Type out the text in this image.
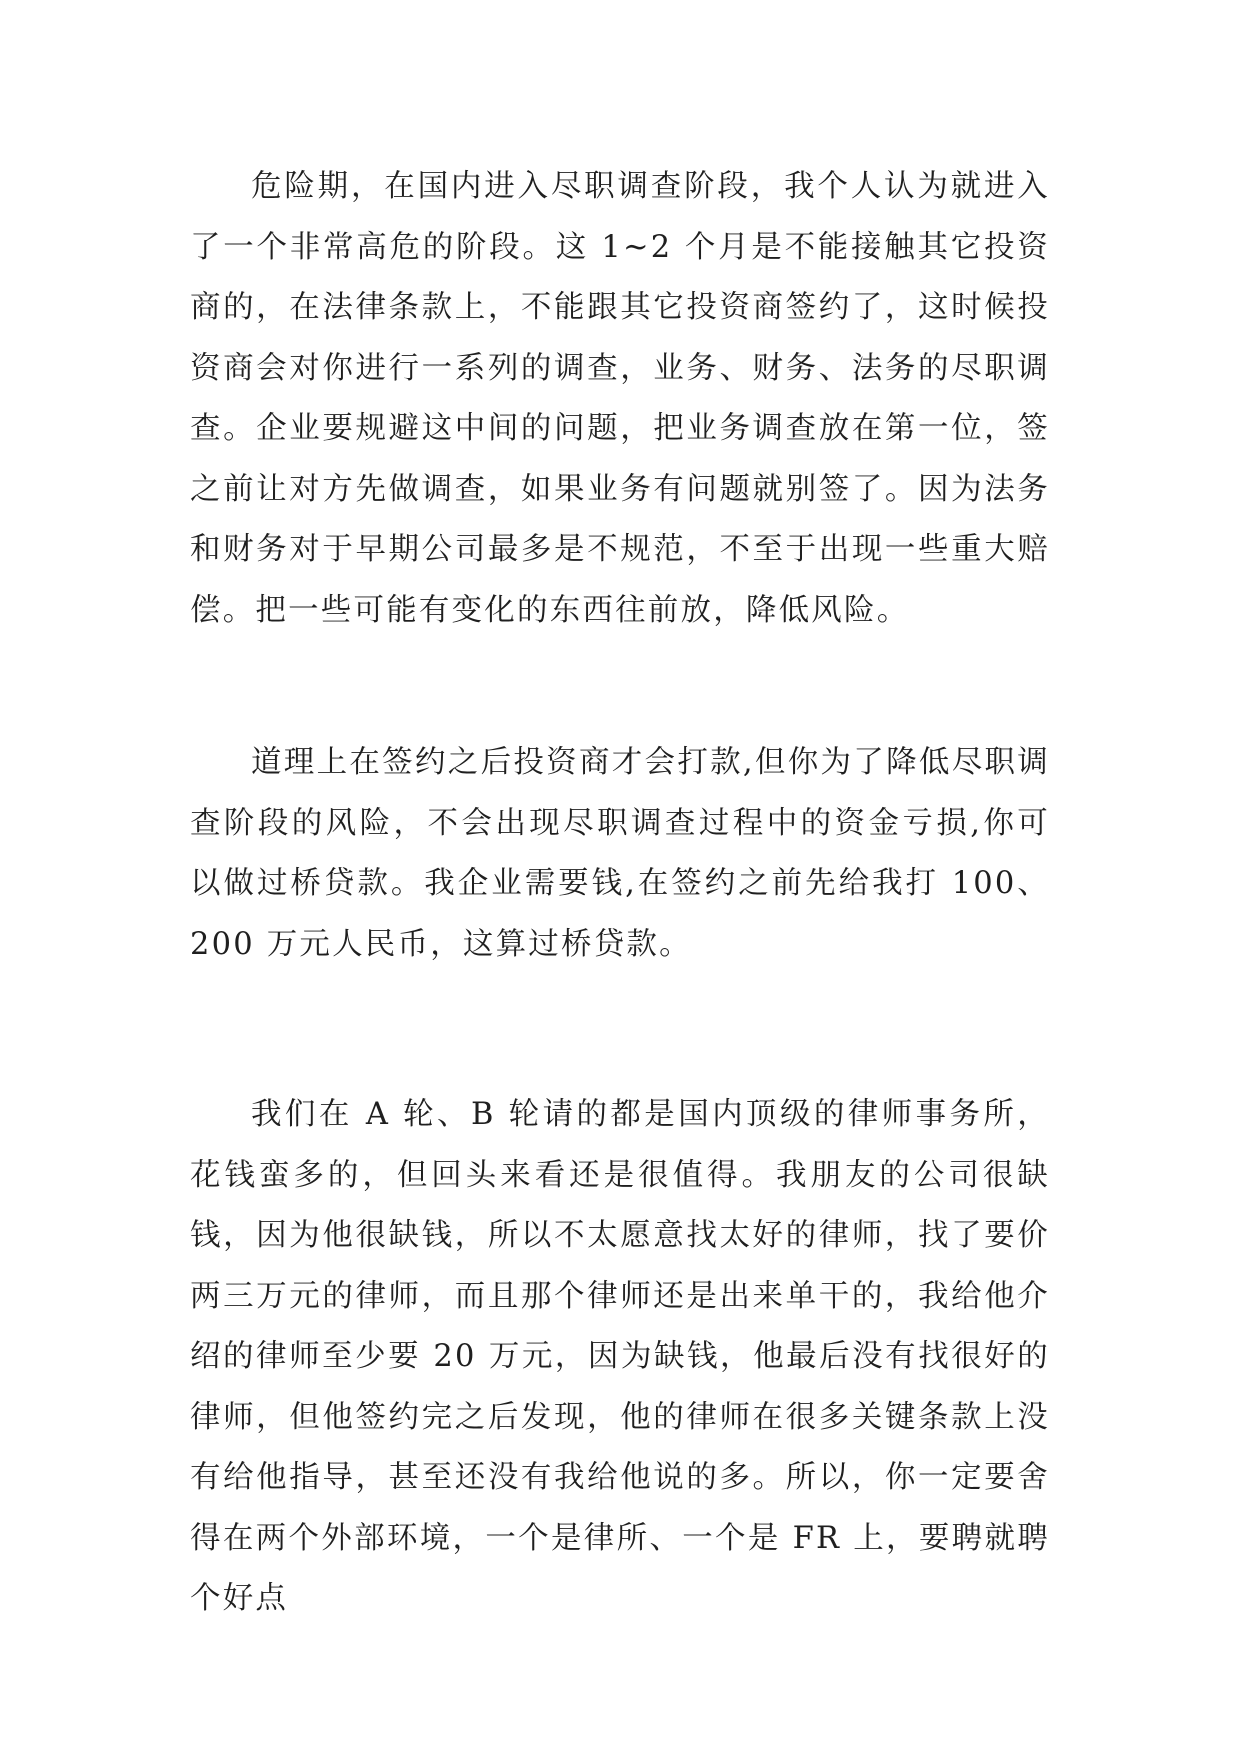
危险期，在国内进入尽职调查阶段，我个人认为就进入了一个非常高危的阶段。这 1~2 个月是不能接触其它投资商的，在法律条款上，不能跟其它投资商签约了，这时候投资商会对你进行一系列的调查，业务、财务、法务的尽职调查。企业要规避这中间的问题，把业务调查放在第一位，签之前让对方先做调查，如果业务有问题就别签了。因为法务和财务对于早期公司最多是不规范，不至于出现一些重大赔偿。把一些可能有变化的东西往前放，降低风险。

道理上在签约之后投资商才会打款,但你为了降低尽职调查阶段的风险，不会出现尽职调查过程中的资金亏损,你可以做过桥贷款。我企业需要钱,在签约之前先给我打 100、200 万元人民币，这算过桥贷款。

我们在 A 轮、B 轮请的都是国内顶级的律师事务所，花钱蛮多的，但回头来看还是很值得。我朋友的公司很缺钱，因为他很缺钱，所以不太愿意找太好的律师，找了要价两三万元的律师，而且那个律师还是出来单干的，我给他介绍的律师至少要 20 万元，因为缺钱，他最后没有找很好的律师，但他签约完之后发现，他的律师在很多关键条款上没有给他指导，甚至还没有我给他说的多。所以，你一定要舍得在两个外部环境，一个是律所、一个是 FR 上，要聘就聘个好点
